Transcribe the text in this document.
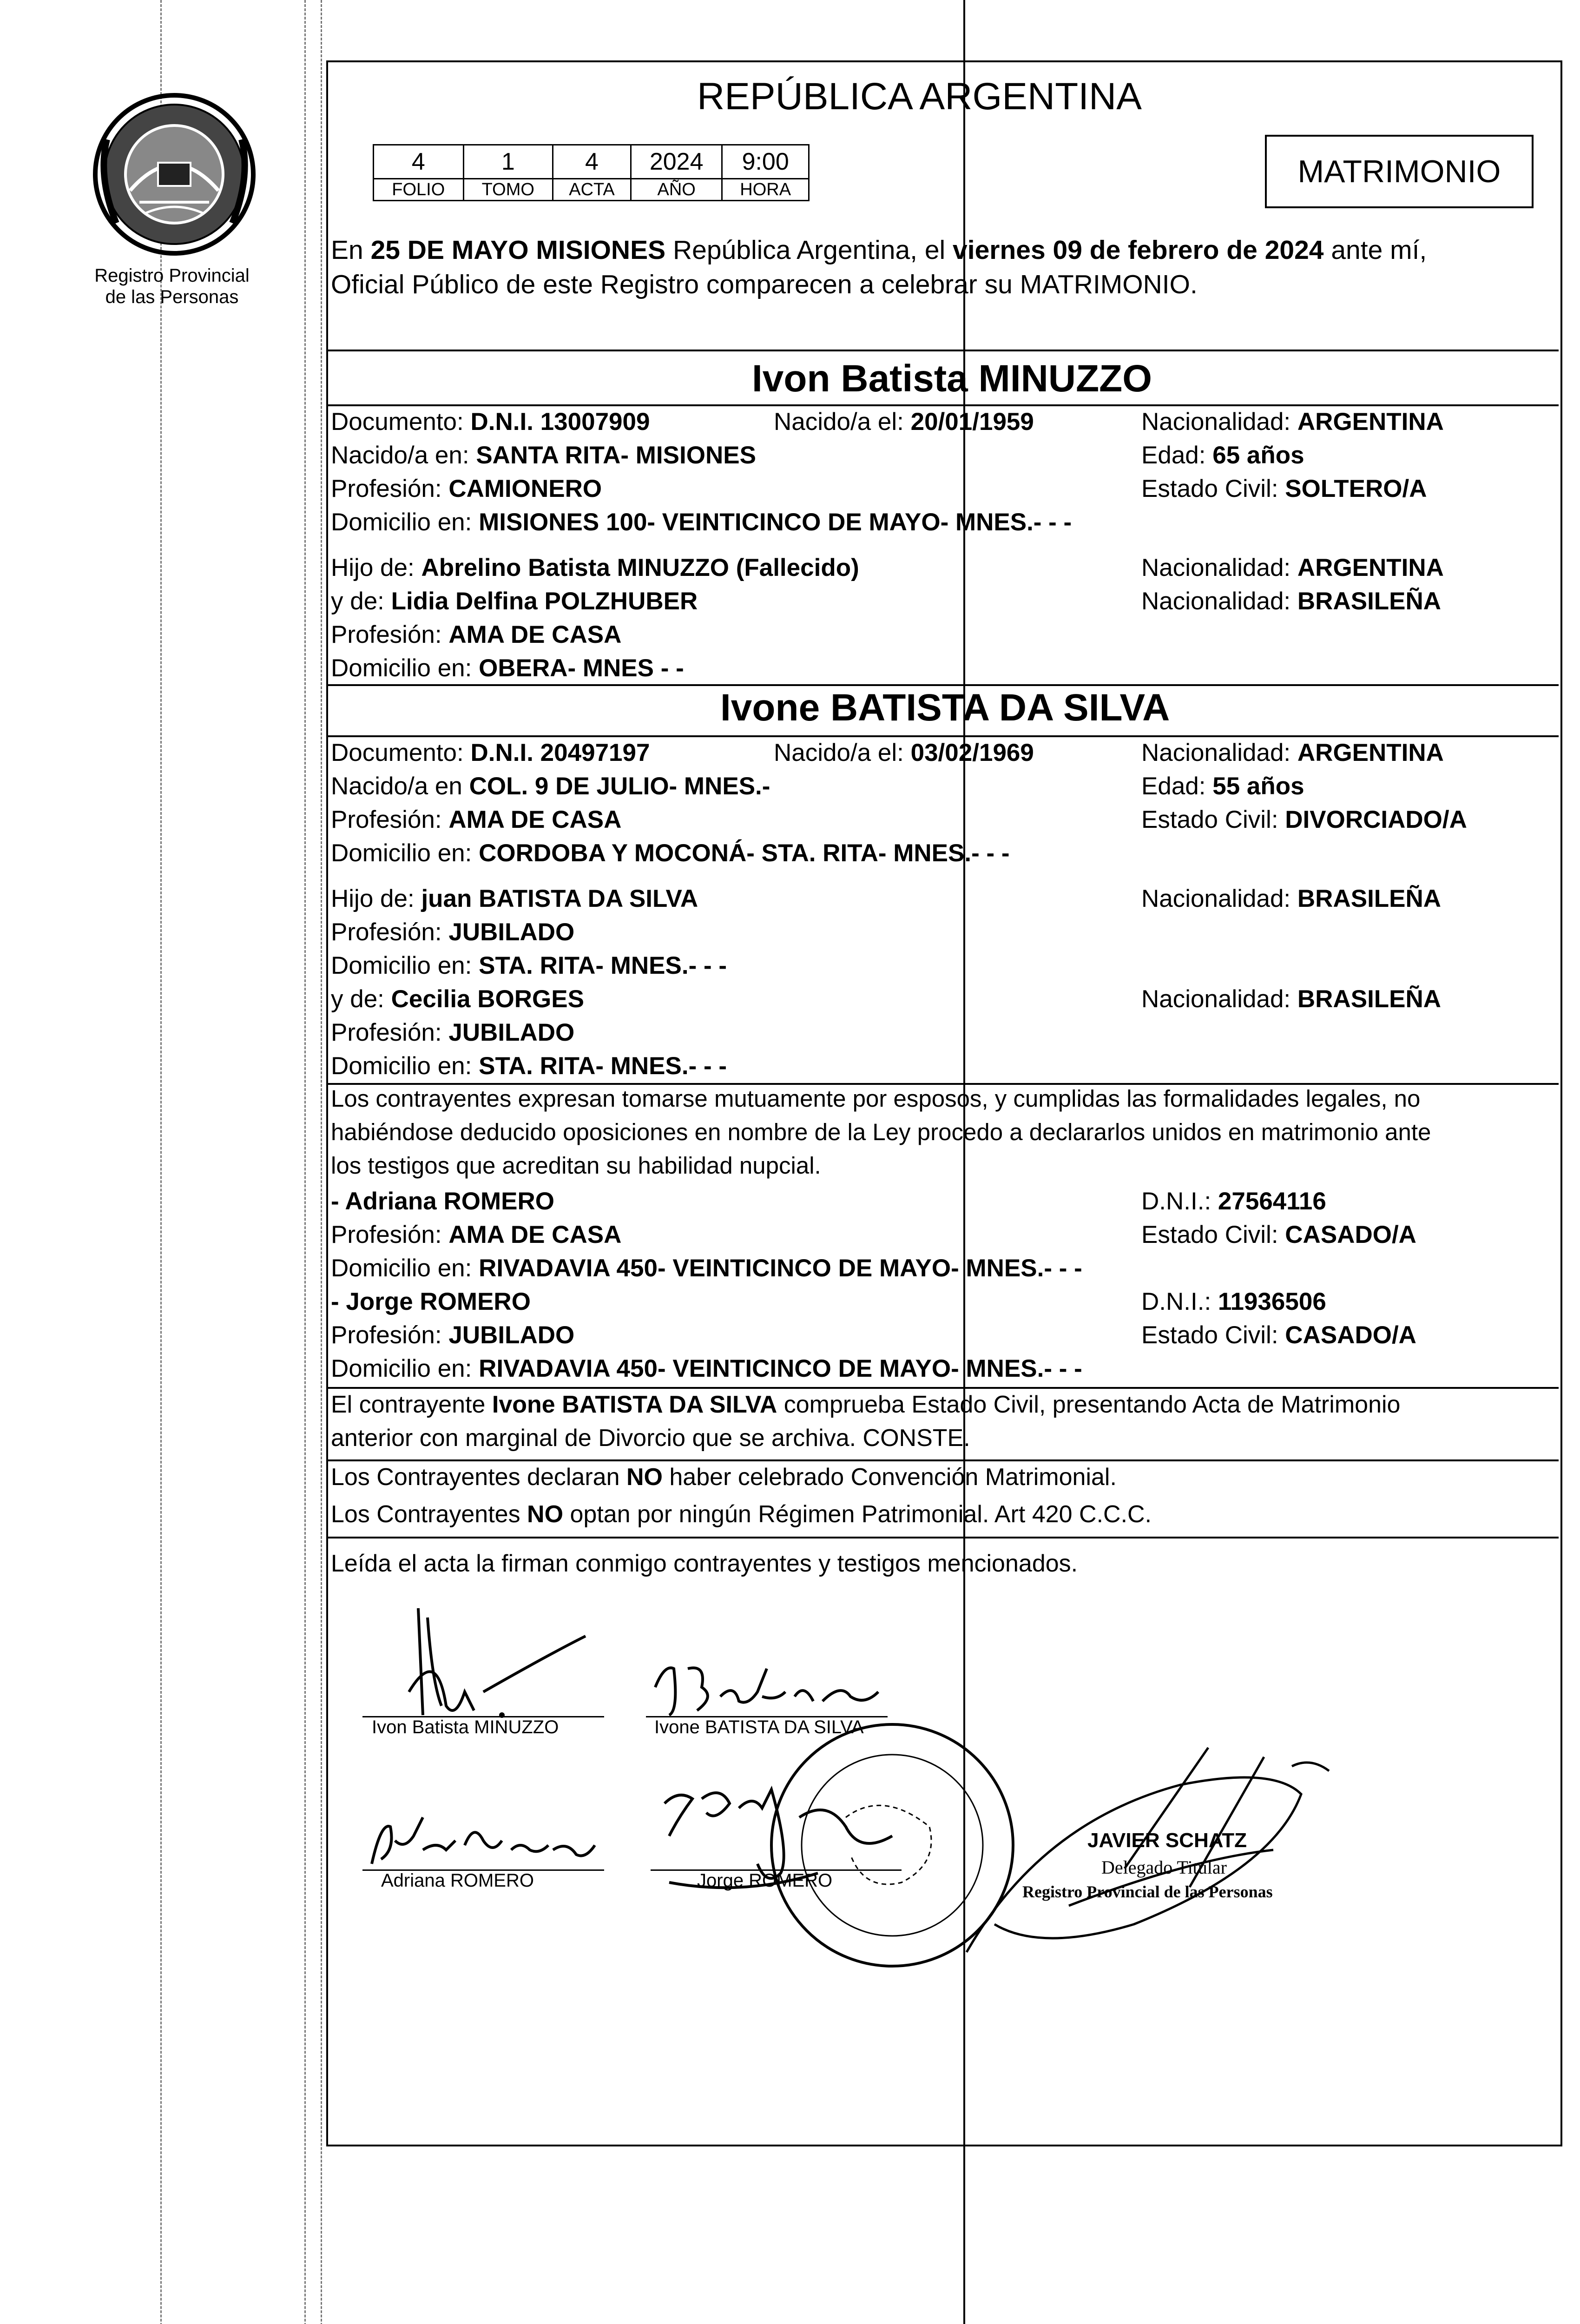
Registro Provincial
de las Personas
REPÚBLICA ARGENTINA
4	1	4	2024	9:00
FOLIO	TOMO	ACTA	AÑO	HORA
MATRIMONIO
En 25 DE MAYO MISIONES República Argentina, el viernes 09 de febrero de 2024 ante mí,
Oficial Público de este Registro comparecen a celebrar su MATRIMONIO.
Ivon Batista MINUZZO
Documento: D.N.I. 13007909	Nacido/a el: 20/01/1959	Nacionalidad: ARGENTINA
Nacido/a en: SANTA RITA- MISIONES	Edad: 65 años
Profesión: CAMIONERO	Estado Civil: SOLTERO/A
Domicilio en: MISIONES 100- VEINTICINCO DE MAYO- MNES.- - -
Hijo de: Abrelino Batista MINUZZO (Fallecido)	Nacionalidad: ARGENTINA
y de: Lidia Delfina POLZHUBER	Nacionalidad: BRASILEÑA
Profesión: AMA DE CASA
Domicilio en: OBERA- MNES - -
Ivone BATISTA DA SILVA
Documento: D.N.I. 20497197	Nacido/a el: 03/02/1969	Nacionalidad: ARGENTINA
Nacido/a en COL. 9 DE JULIO- MNES.-	Edad: 55 años
Profesión: AMA DE CASA	Estado Civil: DIVORCIADO/A
Domicilio en: CORDOBA Y MOCONÁ- STA. RITA- MNES.- - -
Hijo de: juan BATISTA DA SILVA	Nacionalidad: BRASILEÑA
Profesión: JUBILADO
Domicilio en: STA. RITA- MNES.- - -
y de: Cecilia BORGES	Nacionalidad: BRASILEÑA
Profesión: JUBILADO
Domicilio en: STA. RITA- MNES.- - -
Los contrayentes expresan tomarse mutuamente por esposos, y cumplidas las formalidades legales, no
habiéndose deducido oposiciones en nombre de la Ley procedo a declararlos unidos en matrimonio ante
los testigos que acreditan su habilidad nupcial.
- Adriana ROMERO	D.N.I.: 27564116
Profesión: AMA DE CASA	Estado Civil: CASADO/A
Domicilio en: RIVADAVIA 450- VEINTICINCO DE MAYO- MNES.- - -
- Jorge ROMERO	D.N.I.: 11936506
Profesión: JUBILADO	Estado Civil: CASADO/A
Domicilio en: RIVADAVIA 450- VEINTICINCO DE MAYO- MNES.- - -
El contrayente Ivone BATISTA DA SILVA comprueba Estado Civil, presentando Acta de Matrimonio
anterior con marginal de Divorcio que se archiva. CONSTE.
Los Contrayentes declaran NO haber celebrado Convención Matrimonial.
Los Contrayentes NO optan por ningún Régimen Patrimonial. Art 420 C.C.C.
Leída el acta la firman conmigo contrayentes y testigos mencionados.
Ivon Batista MINUZZO	Ivone BATISTA DA SILVA
Adriana ROMERO	Jorge ROMERO
JAVIER SCHATZ
Delegado Titular
Registro Provincial de las Personas
